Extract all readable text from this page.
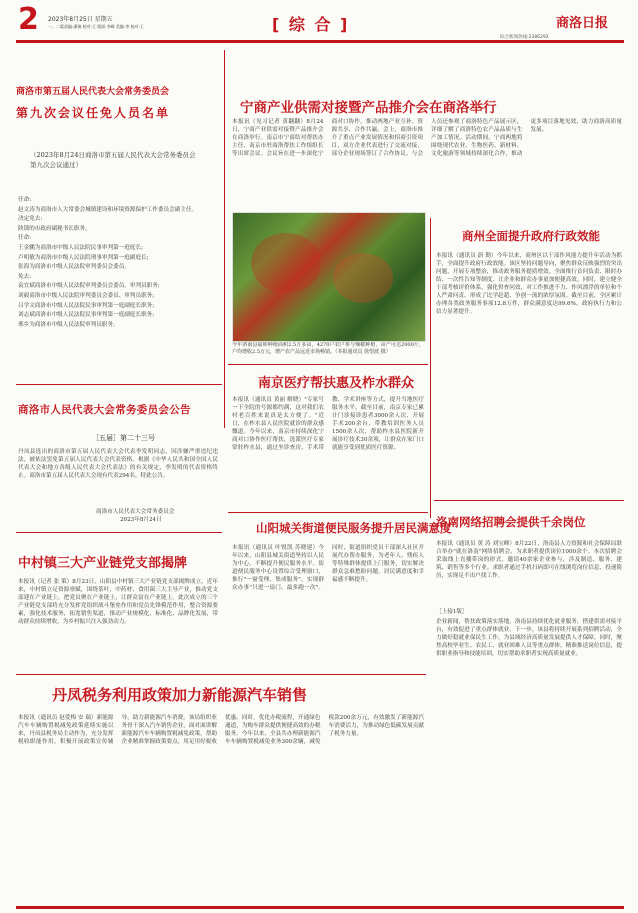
2 2023年8月25日 星期五
一、二版责编:潘瑞 校对:王 版面:李峰 美编:李 校对:王	[ 综 合 ]	商洛日报
综合新闻热线:2386292
商洛市第五届人民代表大会常务委员会
第九次会议任免人员名单
（2023年8月24日商洛市第五届人民代表大会常务委员会第九次会议通过）
任命:
赵文涛为商洛市人大常委会城镇建设和环境资源保护工作委员会副主任。
决定免去:
陕锁的市政府副秘书长职务。
任命:
王金鹏为商洛市中级人民法院民事审判第一庭庭长;
卢明敏为商洛市中级人民法院刑事审判第一庭副庭长;
张海为商洛市中级人民法院审判委员会委员。
免去:
袁宜斌商洛市中级人民法院审判委员会委员、审判员职务;
刘毅商洛市中级人民法院审判委员会委员、审判员职务;
吕学文商洛市中级人民法院民事审判第一庭副庭长职务;
刘志斌商洛市中级人民法院民事审判第一庭副庭长职务;
邢乡为商洛市中级人民法院审判员职务。
商洛市人民代表大会常务委员会公告
［五届］第二十三号
丹凤县选出的商洛市第五届人民代表大会代表李发明同志，因涉嫌严重违纪违法，被依法罢免第五届人民代表大会代表资格。根据《中华人民共和国全国人民代表大会和地方各级人民代表大会代表法》的有关规定，李发明的代表资格终止。商洛市第五届人民代表大会现有代表294名。特此公告。
商洛市人民代表大会常务委员会
2023年8月24日
中村镇三大产业链党支部揭牌
本报讯（记者 张 策）8月23日，山阳县中村镇三大产业链党支部揭牌成立。近年来，中村镇立足资源禀赋，围绕茶叶、中药材、食用菌三大主导产业，推动党支部建在产业链上，把党员聚在产业链上，让群众富在产业链上。此次成立的三个产业链党支部将充分发挥党组织战斗堡垒作用和党员先锋模范作用，整合资源要素，强化技术服务，拓宽销售渠道，推动产业规模化、标准化、品牌化发展，带动群众持续增收，为乡村振兴注入强劲动力。
宁商产业供需对接暨产品推介会在商洛举行
本报讯（见习记者 黄翻翻）8月24日，宁商产业供需对接暨产品推介会在商洛举行。南京市宁商结对帮扶办主任、南京市驻商洛帮扶工作组组长等出席会议。会议旨在进一步深化宁商对口协作，推动两地产业互补、资源共享、合作共赢。会上，商洛市推介了重点产业发展情况和招商引资项目，双方企业代表进行了交流对接，部分企业现场签订了合作协议。与会人员还参观了商洛特色产品展示区，详细了解了商洛特色农产品品质与生产加工情况。活动期间，宁商两地将围绕现代农业、生物医药、新材料、文化旅游等领域持续深化合作，推动更多项目落地见效，助力商洛高质量发展。
今年洛南县福和种植面积2.5万多亩，4270户农户参与辣椒种植，亩产可达2000斤，户均增收2.5万元，增产农产品远近市场畅销。（本报通讯员 徐望波 摄）
商州全面提升政府行政效能
本报讯（通讯员 蔚 勤）今年以来，商州区以干部作风能力提升年活动为抓手，全面提升政府行政效能。该区坚持问题导向，聚焦群众反映强烈的突出问题，开展专项整治，推动政务服务提质增效。全面推行首问负责、限时办结、一次性告知等制度，让企业和群众办事更加便捷高效。同时，建立健全干部考核评价体系，强化督查问效，对工作推进不力、作风漂浮的单位和个人严肃问责，形成了比学赶超、争创一流的浓厚氛围。截至目前，全区累计办理各类政务服务事项12.8万件，群众满意度达99.6%，政府执行力和公信力显著提升。
洛南网络招聘会提供千余岗位
本报讯（通讯员 黄 涛 刘宝峰）8月22日，洛南县人力资源和社会保障局联合举办"就在洛南"网络招聘会，为求职者提供岗位1000余个。本次招聘会采取线上直播带岗的形式，邀请40余家企业参与，涉及制造、服务、建筑、销售等多个行业。求职者通过手机扫码即可在线浏览岗位信息、投递简历，实现足不出户找工作。
［上接1版］
企业新闻，帮扶政策落实落地，洛南县持续优化就业服务，搭建供需对接平台，有效促进了重点群体就业。下一步，该县将持续开展系列招聘活动，全力做好稳就业保民生工作，为县域经济高质量发展提供人才保障。同时，聚焦高校毕业生、农民工、就业困难人员等重点群体，精准推送岗位信息，提供职业指导和技能培训，切实帮助求职者实现高质量就业。
南京医疗帮扶惠及柞水群众
本报讯（通讯员 黄丽 解晓）"专家号一下全院的号源都约满，这对我们农村老百姓来说真是太方便了。"近日，在柞水县人民医院就诊的群众感慨道。今年以来，南京市持续深化宁商对口协作医疗帮扶，选派医疗专家常驻柞水县，通过坐诊查房、手术带教、学术讲座等方式，提升当地医疗服务水平。截至目前，南京专家已累计门诊接诊患者3000余人次，开展手术200余台，带教培训医务人员1500余人次，帮助柞水县医院新开展诊疗技术30余项，让群众在家门口就能享受到优质医疗资源。
山阳城关街道便民服务提升居民满意度
本报讯（通讯员 叶锐凯 苏晓建）今年以来，山阳县城关街道坚持以人民为中心，不断提升便民服务水平。街道便民服务中心设置综合受理窗口，推行"一窗受理、集成服务"，实现群众办事"只进一扇门、最多跑一次"。同时，街道组织党员干部深入社区开展代办帮办服务，为老年人、残疾人等特殊群体提供上门服务，切实解决群众急难愁盼问题，居民满意度和幸福感不断提升。
丹凤税务利用政策加力新能源汽车销售
本报讯（通讯员 赵爱梅 安 瑞）新能源汽车车辆购置税减免政策延续实施以来，丹凤县税务局主动作为，充分发挥税收职能作用，积极开展政策宣传辅导，助力新能源汽车消费。该局组织业务骨干深入汽车销售企业，面对面讲解新能源汽车车辆购置税减免政策，帮助企业精准掌握政策要点，用足用好税收优惠。同时，优化办税流程，开通绿色通道，为购车群众提供便捷高效的办税服务。今年以来，全县共办理新能源汽车车辆购置税减免业务300余辆，减免税款200余万元，有效激发了新能源汽车消费活力，为推动绿色低碳发展贡献了税务力量。
